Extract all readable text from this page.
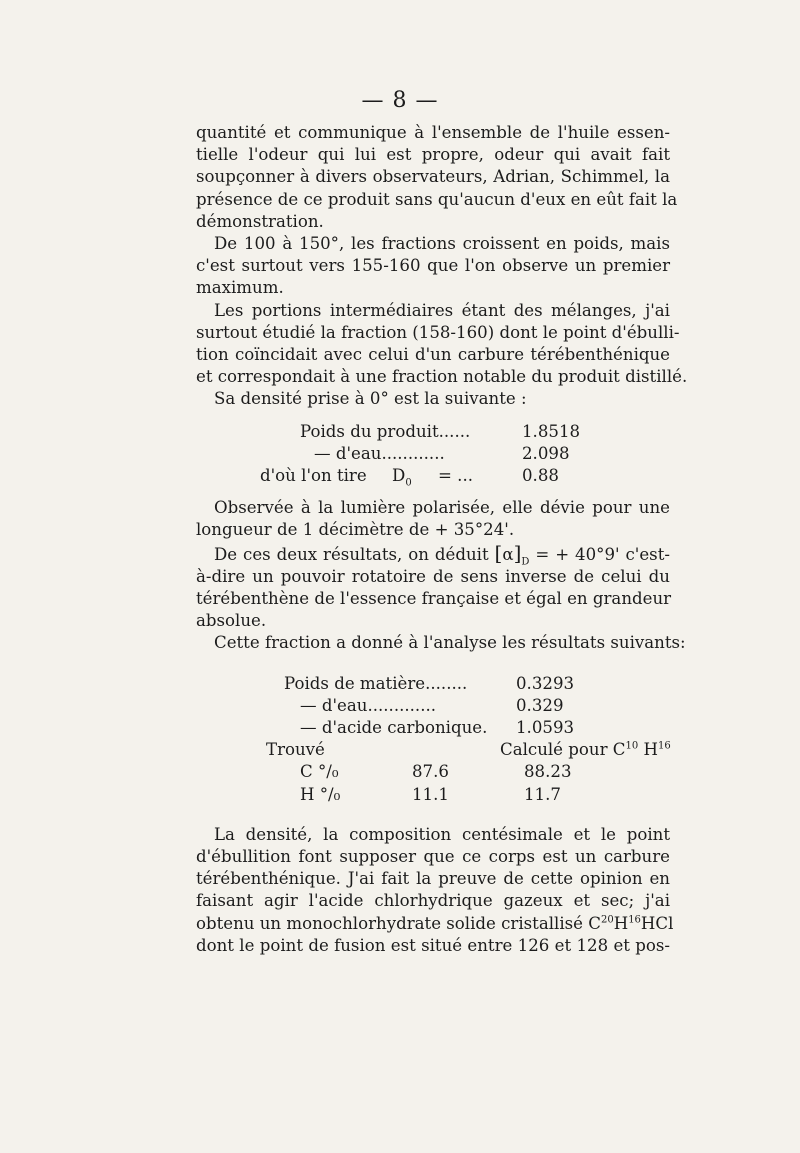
— 8 —
quantité et communique à l'ensemble de l'huile essen-
tielle l'odeur qui lui est propre, odeur qui avait fait
soupçonner à divers observateurs, Adrian, Schimmel, la
présence de ce produit sans qu'aucun d'eux en eût fait la
démonstration.
De 100 à 150°, les fractions croissent en poids, mais
c'est surtout vers 155-160 que l'on observe un premier
maximum.
Les portions intermédiaires étant des mélanges, j'ai
surtout étudié la fraction (158-160) dont le point d'ébulli-
tion coïncidait avec celui d'un carbure térébenthénique
et correspondait à une fraction notable du produit distillé.
Sa densité prise à 0° est la suivante :
Poids du produit......	1.8518
— d'eau............	2.098
d'où l'on tire $D_0$ = ...	0.88
Observée à la lumière polarisée, elle dévie pour une
longueur de 1 décimètre de + 35°24'.
De ces deux résultats, on déduit $[\alpha]_D$ = + 40°9' c'est-
à-dire un pouvoir rotatoire de sens inverse de celui du
térébenthène de l'essence française et égal en grandeur
absolue.
Cette fraction a donné à l'analyse les résultats suivants:
Poids de matière........	0.3293
— d'eau.............	0.329
— d'acide carbonique. 1.0593
Trouvé	Calculé pour $C^{10}$ $H^{16}$
C °/₀	87.6	88.23
H °/₀	11.1	11.7
La densité, la composition centésimale et le point
d'ébullition font supposer que ce corps est un carbure
térébenthénique. J'ai fait la preuve de cette opinion en
faisant agir l'acide chlorhydrique gazeux et sec; j'ai
obtenu un monochlorhydrate solide cristallisé $C^{20}H^{16}HCl$
dont le point de fusion est situé entre 126 et 128 et pos-
